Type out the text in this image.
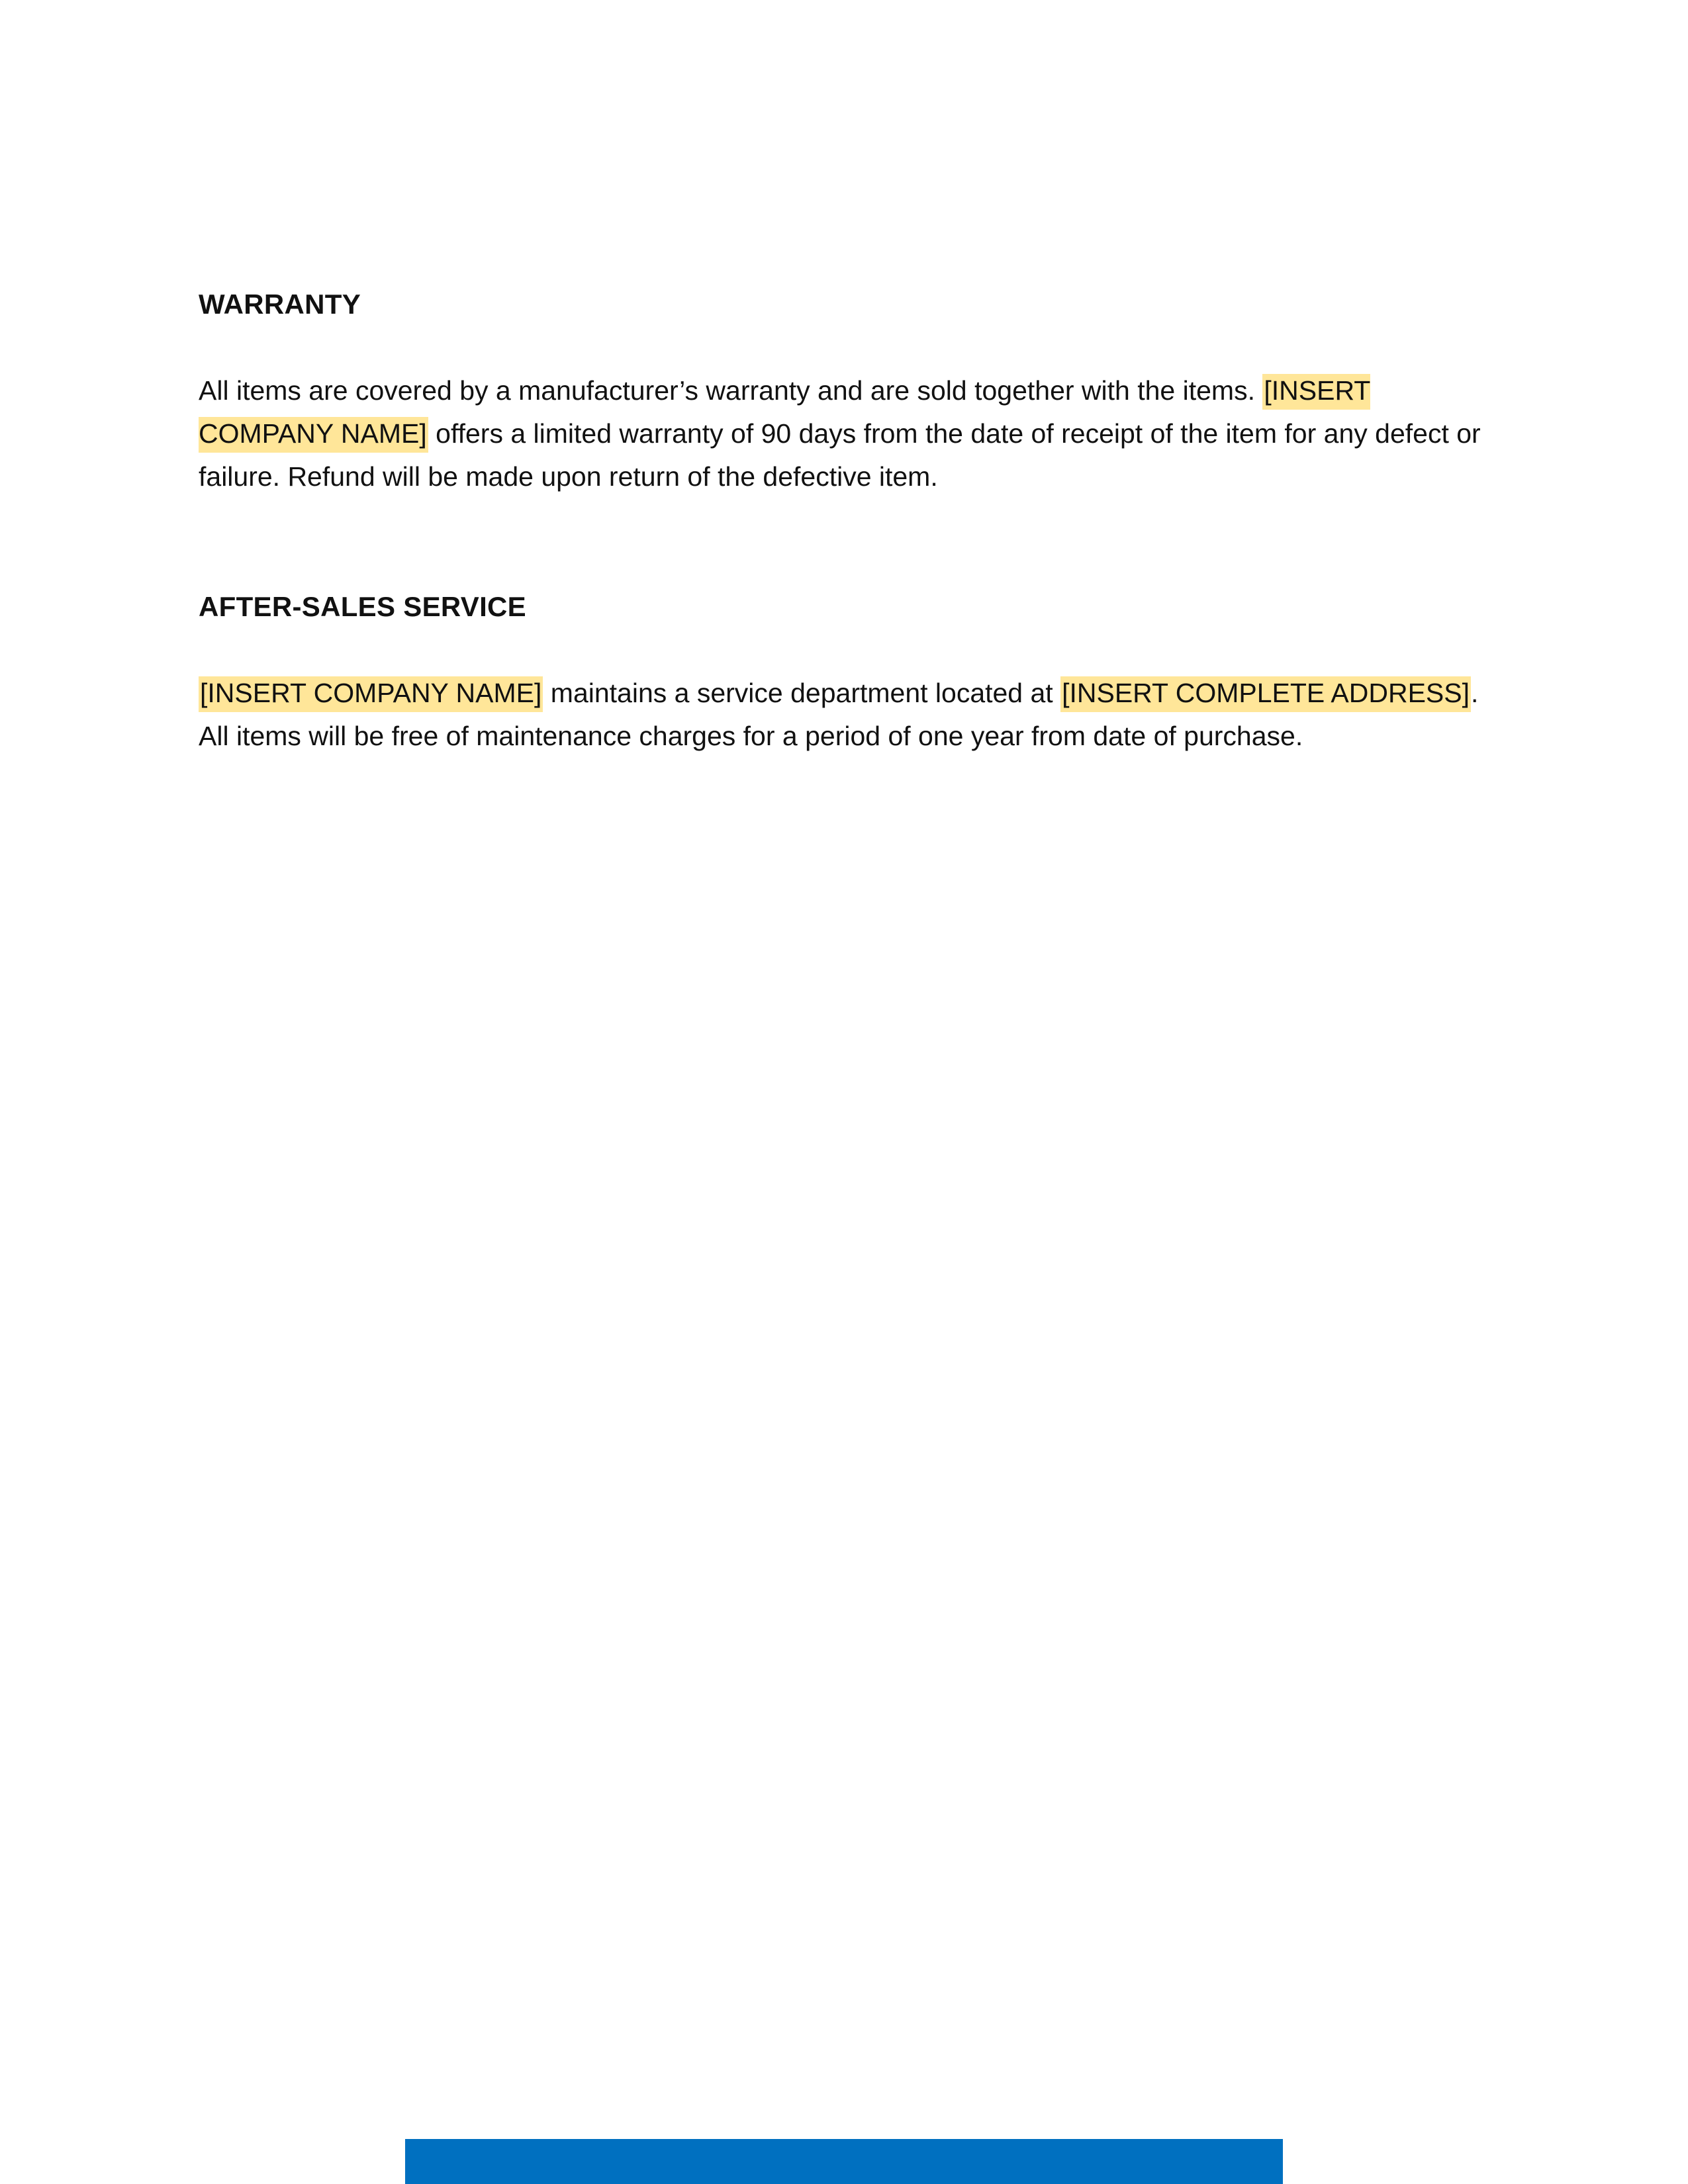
WARRANTY

All items are covered by a manufacturer’s warranty and are sold together with the items. [INSERT COMPANY NAME] offers a limited warranty of 90 days from the date of receipt of the item for any defect or failure. Refund will be made upon return of the defective item.

AFTER-SALES SERVICE

[INSERT COMPANY NAME] maintains a service department located at [INSERT COMPLETE ADDRESS]. All items will be free of maintenance charges for a period of one year from date of purchase.
